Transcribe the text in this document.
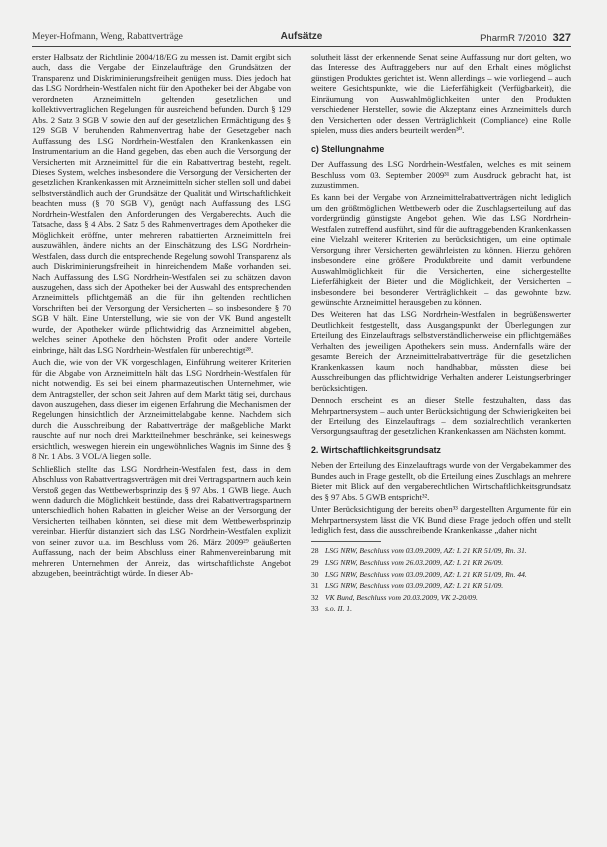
Meyer-Hofmann, Weng, Rabattverträge	Aufsätze	PharmR 7/2010 327

erster Halbsatz der Richtlinie 2004/18/EG zu messen ist. Damit ergibt sich auch, dass die Vergabe der Einzelaufträge den Grundsätzen der Transparenz und Diskriminierungsfreiheit genügen muss. Dies jedoch hat das LSG Nordrhein-Westfalen nicht für den Apotheker bei der Abgabe von verordneten Arzneimitteln geltenden gesetzlichen und kollektivvertraglichen Regelungen für ausreichend befunden. Durch § 129 Abs. 2 Satz 3 SGB V sowie den auf der gesetzlichen Ermächtigung des § 129 SGB V beruhenden Rahmenvertrag habe der Gesetzgeber nach Auffassung des LSG Nordrhein-Westfalen den Krankenkassen ein Instrumentarium an die Hand gegeben, das eben auch die Versorgung der Versicherten mit Arzneimittel für die ein Rabattvertrag besteht, regelt. Dieses System, welches insbesondere die Versorgung der Versicherten der gesetzlichen Krankenkassen mit Arzneimitteln sicher stellen soll und dabei selbstverständlich auch der Grundsätze der Qualität und Wirtschaftlichkeit beachten muss (§ 70 SGB V), genügt nach Auffassung des LSG Nordrhein-Westfalen den Anforderungen des Vergaberechts. Auch die Tatsache, dass § 4 Abs. 2 Satz 5 des Rahmenvertrages dem Apotheker die Möglichkeit eröffne, unter mehreren rabattierten Arzneimitteln frei auszuwählen, ändere nichts an der Einschätzung des LSG Nordrhein-Westfalen, dass durch die entsprechende Regelung sowohl Transparenz als auch Diskriminierungsfreiheit in hinreichendem Maße vorhanden sei. Nach Auffassung des LSG Nordrhein-Westfalen sei zu schätzen davon auszugehen, dass sich der Apotheker bei der Auswahl des entsprechenden Arzneimittels pflichtgemäß an die für ihn geltenden rechtlichen Vorschriften bei der Versorgung der Versicherten – so insbesondere § 70 SGB V hält. Eine Unterstellung, wie sie von der VK Bund angestellt wurde, der Apotheker würde pflichtwidrig das Arzneimittel abgeben, welches seiner Apotheke den höchsten Profit oder andere Vorteile einbringe, hält das LSG Nordrhein-Westfalen für unberechtigt²⁸.

Auch die, wie von der VK vorgeschlagen, Einführung weiterer Kriterien für die Abgabe von Arzneimitteln hält das LSG Nordrhein-Westfalen für nicht notwendig. Es sei bei einem pharmazeutischen Unternehmer, wie dem Antragsteller, der schon seit Jahren auf dem Markt tätig sei, durchaus davon auszugehen, dass dieser im eigenen Erfahrung die Mechanismen der Regelungen hinsichtlich der Arzneimittelabgabe kenne. Nachdem sich durch die Ausschreibung der Rabattverträge der maßgebliche Markt rauschte auf nur noch drei Marktteilnehmer beschränke, sei keineswegs ersichtlich, weswegen hierein ein ungewöhnliches Wagnis im Sinne des § 8 Nr. 1 Abs. 3 VOL/A liegen solle.

Schließlich stellte das LSG Nordrhein-Westfalen fest, dass in dem Abschluss von Rabattvertragsverträgen mit drei Vertragspartnern auch kein Verstoß gegen das Wettbewerbsprinzip des § 97 Abs. 1 GWB liege. Auch wenn dadurch die Möglichkeit bestünde, dass drei Rabattvertragspartnern unterschiedlich hohen Rabatten in gleicher Weise an der Versorgung der Versicherten teilhaben könnten, sei diese mit dem Wettbewerbsprinzip vereinbar. Hierfür distanziert sich das LSG Nordrhein-Westfalen explizit von seiner zuvor u.a. im Beschluss vom 26. März 2009²⁹ geäußerten Auffassung, nach der beim Abschluss einer Rahmenvereinbarung mit mehreren Unternehmen der Anreiz, das wirtschaftlichste Angebot abzugeben, beeinträchtigt würde. In dieser Ab-

solutheit lässt der erkennende Senat seine Auffassung nur dort gelten, wo das Interesse des Auftraggebers nur auf den Erhalt eines möglichst günstigen Produktes gerichtet ist. Wenn allerdings – wie vorliegend – auch weitere Gesichtspunkte, wie die Lieferfähigkeit (Verfügbarkeit), die Einräumung von Auswahlmöglichkeiten unter den Produkten verschiedener Hersteller, sowie die Akzeptanz eines Arzneimittels durch den Versicherten oder dessen Verträglichkeit (Compliance) eine Rolle spielen, muss dies anders beurteilt werden³⁰.

c) Stellungnahme

Der Auffassung des LSG Nordrhein-Westfalen, welches es mit seinem Beschluss vom 03. September 2009³¹ zum Ausdruck gebracht hat, ist zuzustimmen.

Es kann bei der Vergabe von Arzneimittelrabattverträgen nicht lediglich um den größtmöglichen Wettbewerb oder die Zuschlagserteilung auf das vordergründig günstigste Angebot gehen. Wie das LSG Nordrhein-Westfalen zutreffend ausführt, sind für die auftraggebenden Krankenkassen eine Vielzahl weiterer Kriterien zu berücksichtigen, um eine optimale Versorgung ihrer Versicherten gewährleisten zu können. Hierzu gehören insbesondere eine größere Produktbreite und damit verbundene Auswahlmöglichkeit für die Versicherten, eine sichergestellte Lieferfähigkeit der Bieter und die Möglichkeit, der Versicherten – insbesondere bei besonderer Verträglichkeit – das gewohnte bzw. gewünschte Arzneimittel herausgeben zu können.

Des Weiteren hat das LSG Nordrhein-Westfalen in begrüßenswerter Deutlichkeit festgestellt, dass Ausgangspunkt der Überlegungen zur Erteilung des Einzelauftrags selbstverständlicherweise ein pflichtgemäßes Verhalten des jeweiligen Apothekers sein muss. Andernfalls wäre der gesamte Bereich der Arzneimittelrabattverträge für die gesetzlichen Krankenkassen kaum noch handhabbar, müssten diese bei Ausschreibungen das pflichtwidrige Verhalten anderer Leistungserbringer berücksichtigen.

Dennoch erscheint es an dieser Stelle festzuhalten, dass das Mehrpartnersystem – auch unter Berücksichtigung der Schwierigkeiten bei der Erteilung des Einzelauftrags – dem sozialrechtlich verankerten Versorgungsauftrag der gesetzlichen Krankenkassen am Nächsten kommt.

2. Wirtschaftlichkeitsgrundsatz

Neben der Erteilung des Einzelauftrags wurde von der Vergabekammer des Bundes auch in Frage gestellt, ob die Erteilung eines Zuschlags an mehrere Bieter mit Blick auf den vergaberechtlichen Wirtschaftlichkeitsgrundsatz des § 97 Abs. 5 GWB entspricht³².

Unter Berücksichtigung der bereits oben³³ dargestellten Argumente für ein Mehrpartnersystem lässt die VK Bund diese Frage jedoch offen und stellt lediglich fest, dass die ausschreibende Krankenkasse „daher nicht

28 LSG NRW, Beschluss vom 03.09.2009, AZ: L 21 KR 51/09, Rn. 31.

29 LSG NRW, Beschluss vom 26.03.2009, AZ: L 21 KR 26/09.

30 LSG NRW, Beschluss vom 03.09.2009, AZ: L 21 KR 51/09, Rn. 44.

31 LSG NRW, Beschluss vom 03.09.2009, AZ: L 21 KR 51/09.

32 VK Bund, Beschluss vom 20.03.2009, VK 2-20/09.

33 s.o. II. 1.
